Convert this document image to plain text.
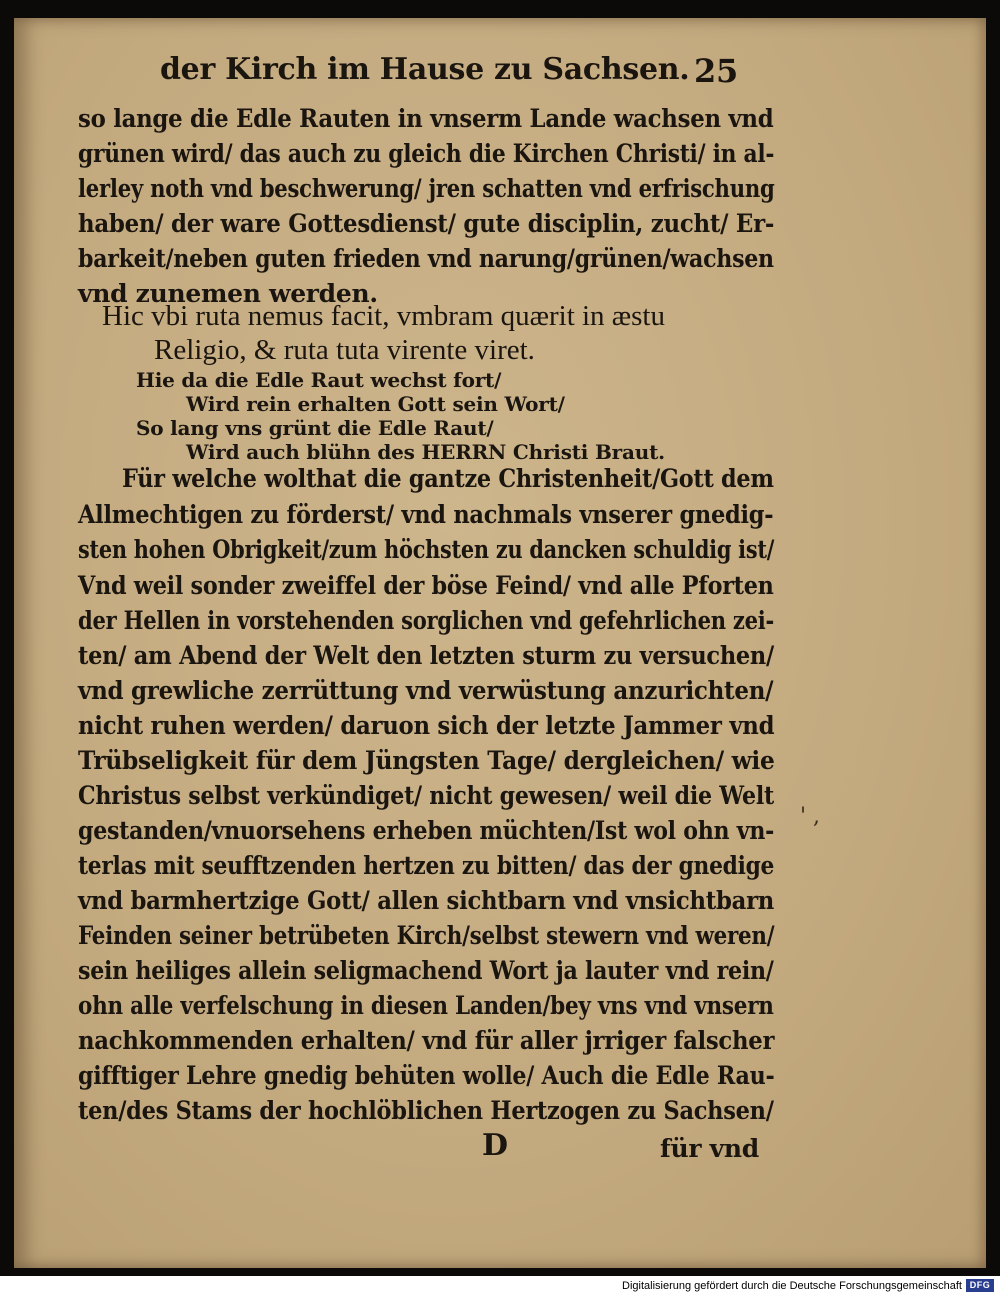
der Kirch im Hause zu Sachsen. 25
so lange die Edle Rauten in vnserm Lande wachsen vnd
grünen wird/ das auch zu gleich die Kirchen Christi/ in al-
lerley noth vnd beschwerung/ jren schatten vnd erfrischung
haben/ der ware Gottesdienst/ gute disciplin, zucht/ Er-
barkeit/neben guten frieden vnd narung/grünen/wachsen
vnd zunemen werden.
Hic vbi ruta nemus facit, vmbram quærit in æstu
Religio, & ruta tuta virente viret.
Hie da die Edle Raut wechst fort/
Wird rein erhalten Gott sein Wort/
So lang vns grünt die Edle Raut/
Wird auch blühn des HERRN Christi Braut.
Für welche wolthat die gantze Christenheit/Gott dem
Allmechtigen zu förderst/ vnd nachmals vnserer gnedig-
sten hohen Obrigkeit/zum höchsten zu dancken schuldig ist/
Vnd weil sonder zweiffel der böse Feind/ vnd alle Pforten
der Hellen in vorstehenden sorglichen vnd gefehrlichen zei-
ten/ am Abend der Welt den letzten sturm zu versuchen/
vnd grewliche zerrüttung vnd verwüstung anzurichten/
nicht ruhen werden/ daruon sich der letzte Jammer vnd
Trübseligkeit für dem Jüngsten Tage/ dergleichen/ wie
Christus selbst verkündiget/ nicht gewesen/ weil die Welt
gestanden/vnuorsehens erheben müchten/Ist wol ohn vn-
terlas mit seufftzenden hertzen zu bitten/ das der gnedige
vnd barmhertzige Gott/ allen sichtbarn vnd vnsichtbarn
Feinden seiner betrübeten Kirch/selbst stewern vnd weren/
sein heiliges allein seligmachend Wort ja lauter vnd rein/
ohn alle verfelschung in diesen Landen/bey vns vnd vnsern
nachkommenden erhalten/ vnd für aller jrriger falscher
gifftiger Lehre gnedig behüten wolle/ Auch die Edle Rau-
ten/des Stams der hochlöblichen Hertzogen zu Sachsen/
D	für vnd
' ,
Digitalisierung gefördert durch die Deutsche Forschungsgemeinschaft DFG
